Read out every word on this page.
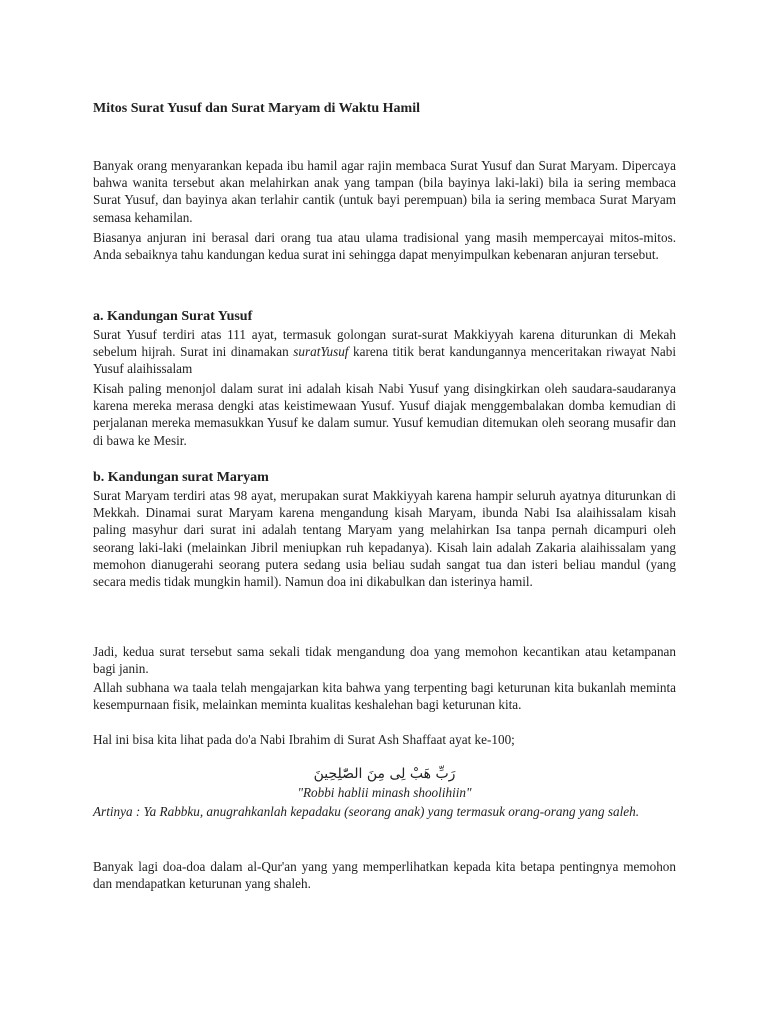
Mitos Surat Yusuf dan Surat Maryam di Waktu Hamil
Banyak orang menyarankan kepada ibu hamil agar rajin membaca Surat Yusuf dan Surat Maryam. Dipercaya bahwa wanita tersebut akan melahirkan anak yang tampan (bila bayinya laki-laki) bila ia sering membaca Surat Yusuf, dan bayinya akan terlahir cantik (untuk bayi perempuan) bila ia sering membaca Surat Maryam semasa kehamilan.
Biasanya anjuran ini berasal dari orang tua atau ulama tradisional yang masih mempercayai mitos-mitos. Anda sebaiknya tahu kandungan kedua surat ini sehingga dapat menyimpulkan kebenaran anjuran tersebut.
a. Kandungan Surat Yusuf
Surat Yusuf terdiri atas 111 ayat, termasuk golongan surat-surat Makkiyyah karena diturunkan di Mekah sebelum hijrah. Surat ini dinamakan suratYusuf karena titik berat kandungannya menceritakan riwayat Nabi Yusuf alaihissalam
Kisah paling menonjol dalam surat ini adalah kisah Nabi Yusuf yang disingkirkan oleh saudara-saudaranya karena mereka merasa dengki atas keistimewaan Yusuf. Yusuf diajak menggembalakan domba kemudian di perjalanan mereka memasukkan Yusuf ke dalam sumur. Yusuf kemudian ditemukan oleh seorang musafir dan di bawa ke Mesir.
b. Kandungan surat Maryam
Surat Maryam terdiri atas 98 ayat, merupakan surat Makkiyyah karena hampir seluruh ayatnya diturunkan di Mekkah. Dinamai surat Maryam karena mengandung kisah Maryam, ibunda Nabi Isa alaihissalam kisah paling masyhur dari surat ini adalah tentang Maryam yang melahirkan Isa tanpa pernah dicampuri oleh seorang laki-laki (melainkan Jibril meniupkan ruh kepadanya). Kisah lain adalah Zakaria alaihissalam yang memohon dianugerahi seorang putera sedang usia beliau sudah sangat tua dan isteri beliau mandul (yang secara medis tidak mungkin hamil). Namun doa ini dikabulkan dan isterinya hamil.
Jadi, kedua surat tersebut sama sekali tidak mengandung doa yang memohon kecantikan atau ketampanan bagi janin.
Allah subhana wa taala telah mengajarkan kita bahwa yang terpenting bagi keturunan kita bukanlah meminta kesempurnaan fisik, melainkan meminta kualitas keshalehan bagi keturunan kita.
Hal ini bisa kita lihat pada do'a Nabi Ibrahim di Surat Ash Shaffaat ayat ke-100;
رَبِّ هَبْ لِى مِنَ الصّٰلِحِينَ
"Robbi hablii minash shoolihiin"
Artinya : Ya Rabbku, anugrahkanlah kepadaku (seorang anak) yang termasuk orang-orang yang saleh.
Banyak lagi doa-doa dalam al-Qur'an yang yang memperlihatkan kepada kita betapa pentingnya memohon dan mendapatkan keturunan yang shaleh.
